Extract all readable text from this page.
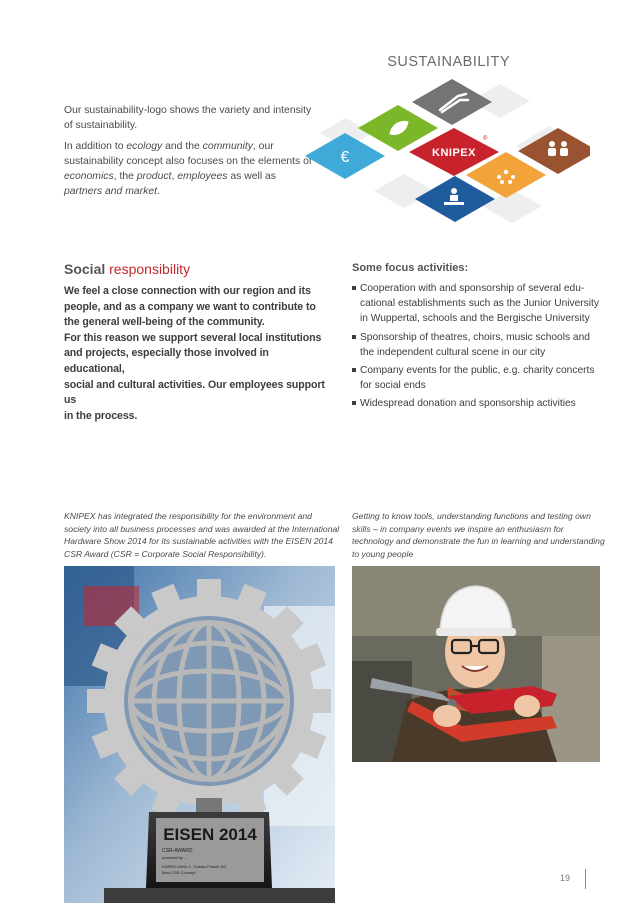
SUSTAINABILITY

Our sustainability-logo shows the variety and intensity of sustainability.

In addition to ecology and the community, our sustainability concept also focuses on the elements of economics, the product, employees as well as partners and market.

€	KNIPEX
®
Social responsibility
We feel a close connection with our region and its
people, and as a company we want to contribute to
the general well-being of the community.
For this reason we support several local institutions
and projects, especially those involved in educational,
social and cultural activities. Our employees support us
in the process.
Some focus activities:
Cooperation with and sponsorship of several edu-cational establishments such as the Junior University in Wuppertal, schools and the Bergische University
Sponsorship of theatres, choirs, music schools and the independent cultural scene in our city
Company events for the public, e.g. charity concerts for social ends
Widespread donation and sponsorship activities
KNIPEX has integrated the responsibility for the environment and society into all business processes and was awarded at the International Hardware Show 2014 for its sustainable activities with the EISEN 2014 CSR Award (CSR = Corporate Social Responsibility).
Getting to know tools, understanding functions and testing own skills – in company events we inspire an enthusiasm for technology and demonstrate the fun in learning and understanding to young people
EISEN 2014
CSR-AWARD
powered by ...
KNIPEX-Werk C. Gustav Putsch KG
Best CSR Concept
19
